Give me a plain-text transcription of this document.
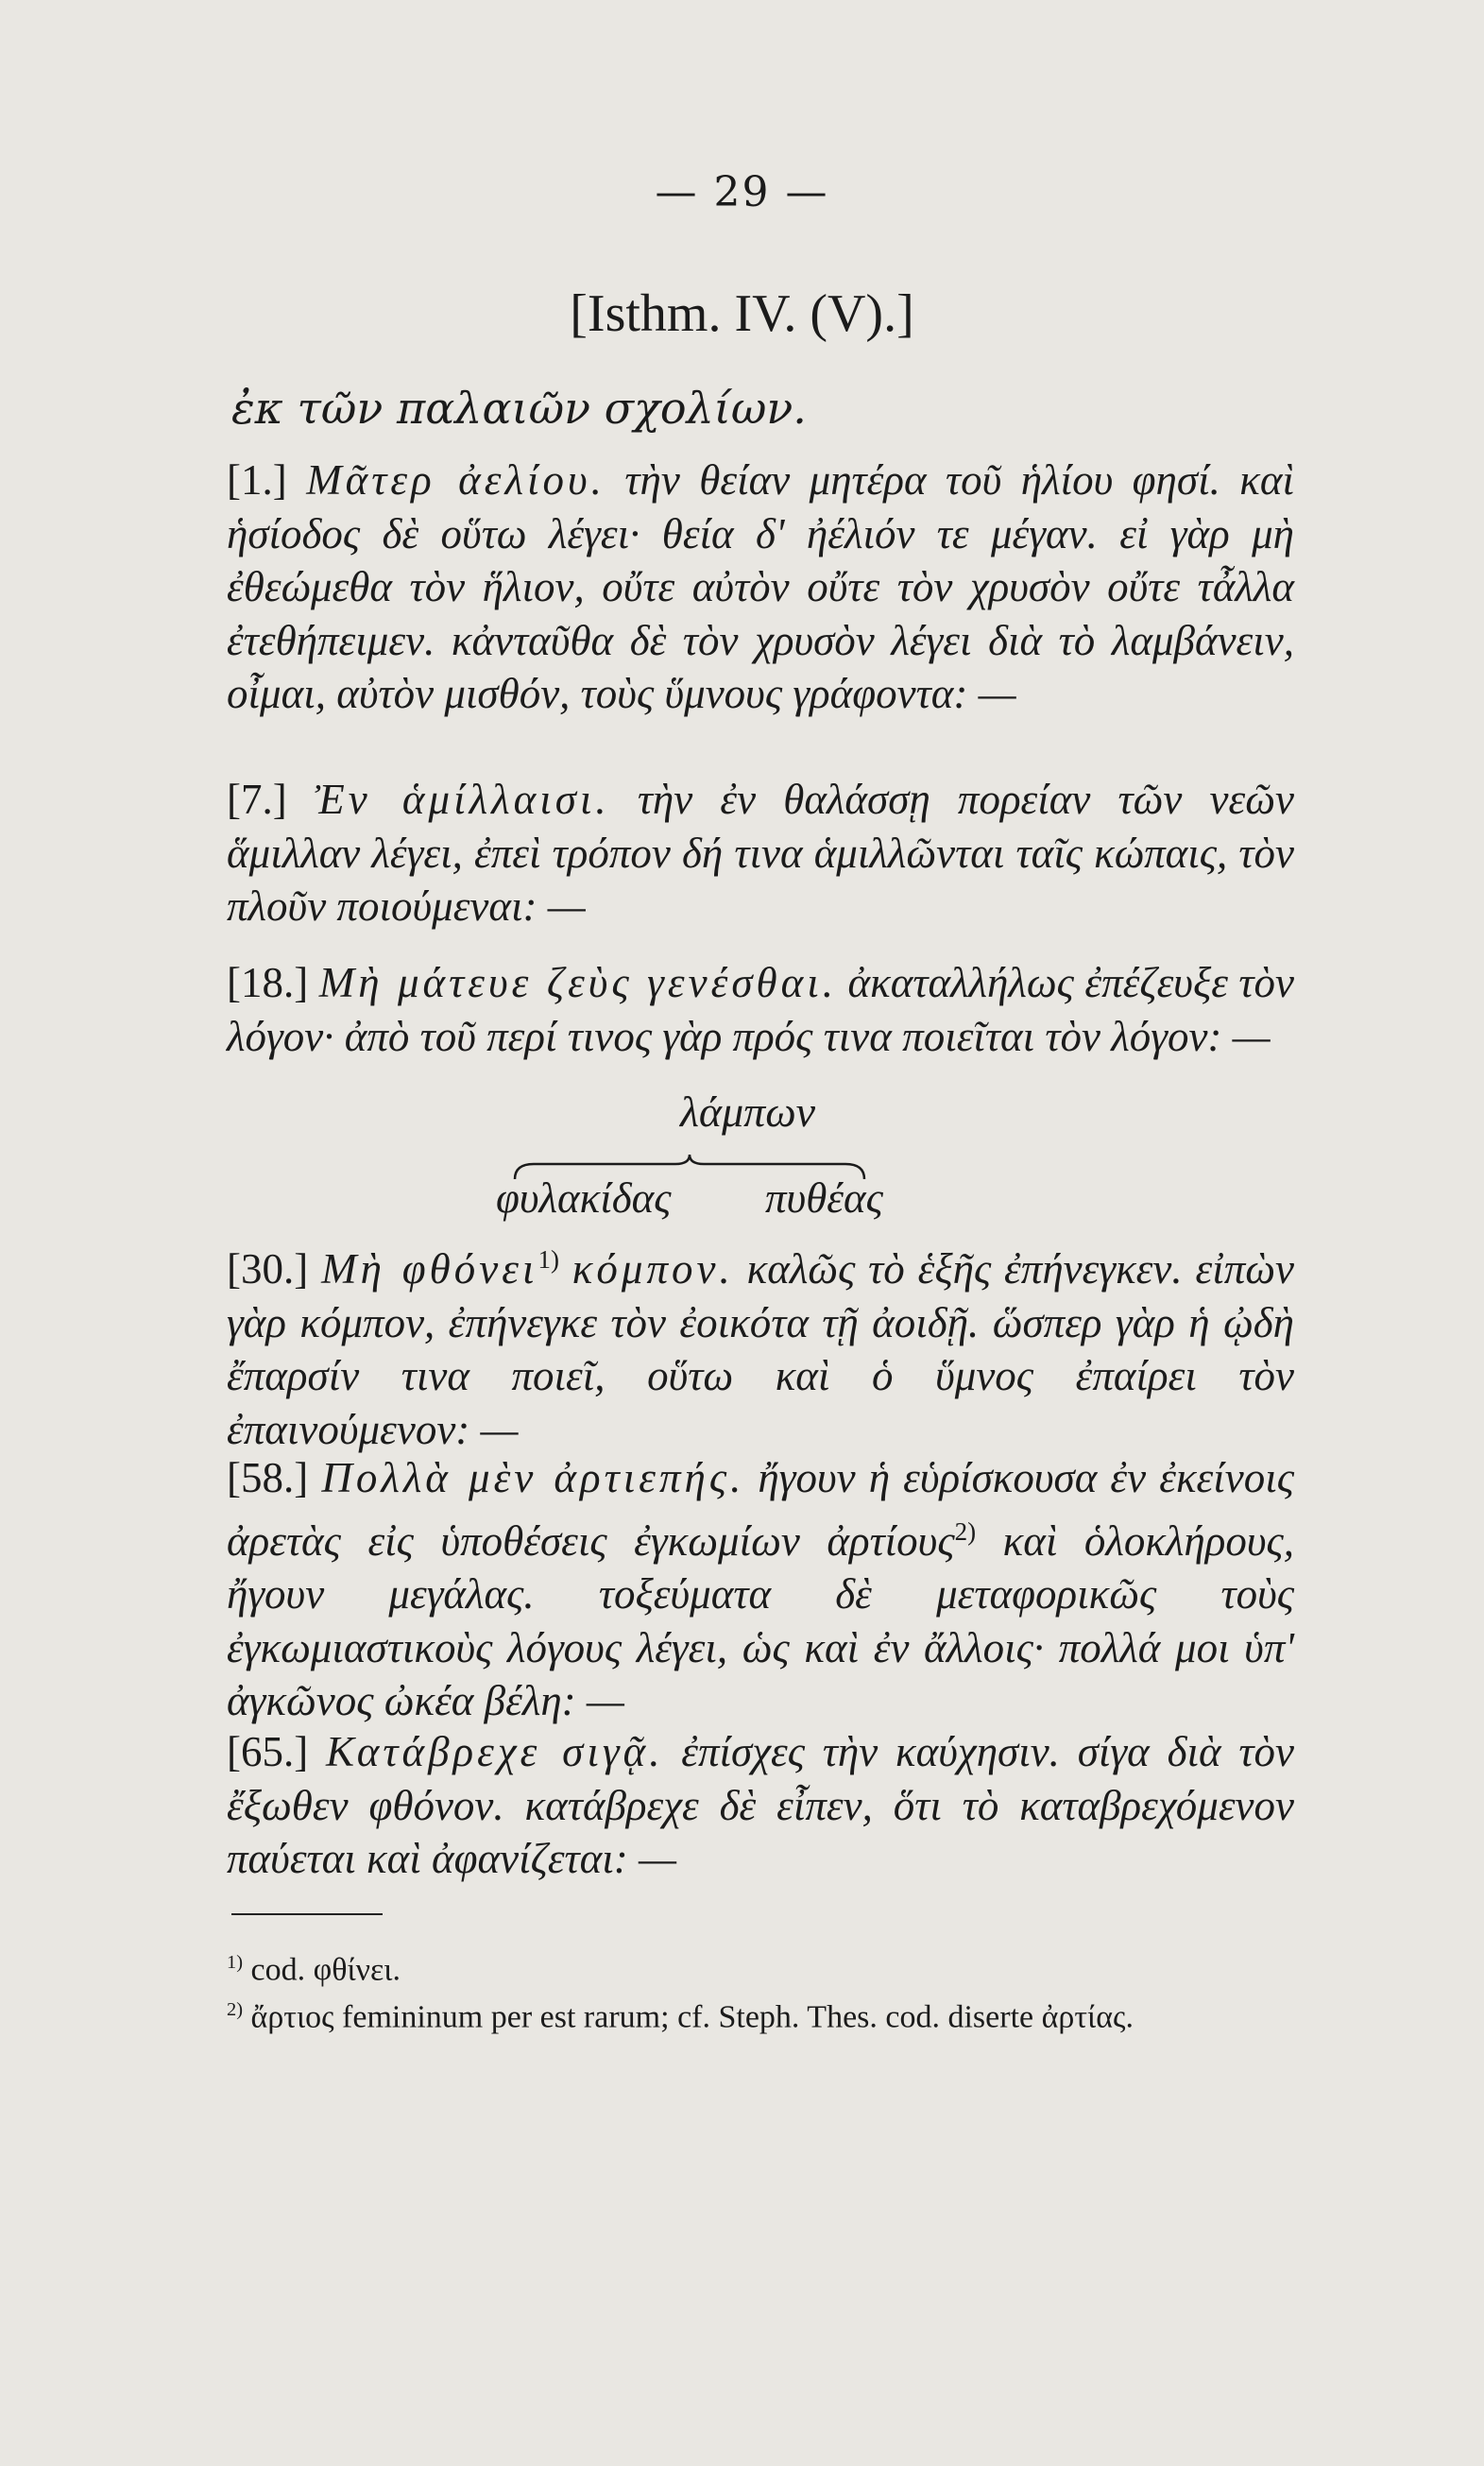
— 29 —
[Isthm. IV. (V).]
ἐκ τῶν παλαιῶν σχολίων.
[1.] Μᾶτερ ἀελίου. τὴν θείαν μητέρα τοῦ ἡλίου φησί. καὶ ἡσίοδος δὲ οὕτω λέγει· θεία δ' ἠέλιόν τε μέγαν. εἰ γὰρ μὴ ἐθεώμεθα τὸν ἥλιον, οὔτε αὐτὸν οὔτε τὸν χρυσὸν οὔτε τἆλλα ἐτεθήπειμεν. κἀνταῦθα δὲ τὸν χρυσὸν λέγει διὰ τὸ λαμβάνειν, οἶμαι, αὐτὸν μισθόν, τοὺς ὕμνους γράφοντα: —
[7.] Ἐν ἁμίλλαισι. τὴν ἐν θαλάσσῃ πορείαν τῶν νεῶν ἅμιλλαν λέγει, ἐπεὶ τρόπον δή τινα ἁμιλλῶνται ταῖς κώπαις, τὸν πλοῦν ποιούμεναι: —
[18.] Μὴ μάτευε ζεὺς γενέσθαι. ἀκαταλλήλως ἐπέζευξε τὸν λόγον· ἀπὸ τοῦ περί τινος γὰρ πρός τινα ποιεῖται τὸν λόγον: —
λάμπων
φυλακίδας πυθέας
[30.] Μὴ φθόνει$^{1)}$ κόμπον. καλῶς τὸ ἑξῆς ἐπήνεγκεν. εἰπὼν γὰρ κόμπον, ἐπήνεγκε τὸν ἐοικότα τῇ ἀοιδῇ. ὥσπερ γὰρ ἡ ᾠδὴ ἔπαρσίν τινα ποιεῖ, οὕτω καὶ ὁ ὕμνος ἐπαίρει τὸν ἐπαινούμενον: —
[58.] Πολλὰ μὲν ἀρτιεπής. ἤγουν ἡ εὑρίσκουσα ἐν ἐκείνοις ἀρετὰς εἰς ὑποθέσεις ἐγκωμίων ἀρτίους$^{2)}$ καὶ ὁλοκλήρους, ἤγουν μεγάλας. τοξεύματα δὲ μεταφορικῶς τοὺς ἐγκωμιαστικοὺς λόγους λέγει, ὡς καὶ ἐν ἄλλοις· πολλά μοι ὑπ' ἀγκῶνος ὠκέα βέλη: —
[65.] Κατάβρεχε σιγᾷ. ἐπίσχες τὴν καύχησιν. σίγα διὰ τὸν ἔξωθεν φθόνον. κατάβρεχε δὲ εἶπεν, ὅτι τὸ καταβρεχόμενον παύεται καὶ ἀφανίζεται: —
$^{1)}$ cod. φθίνει.
$^{2)}$ ἄρτιος femininum per est rarum; cf. Steph. Thes. cod. diserte ἀρτίας.
